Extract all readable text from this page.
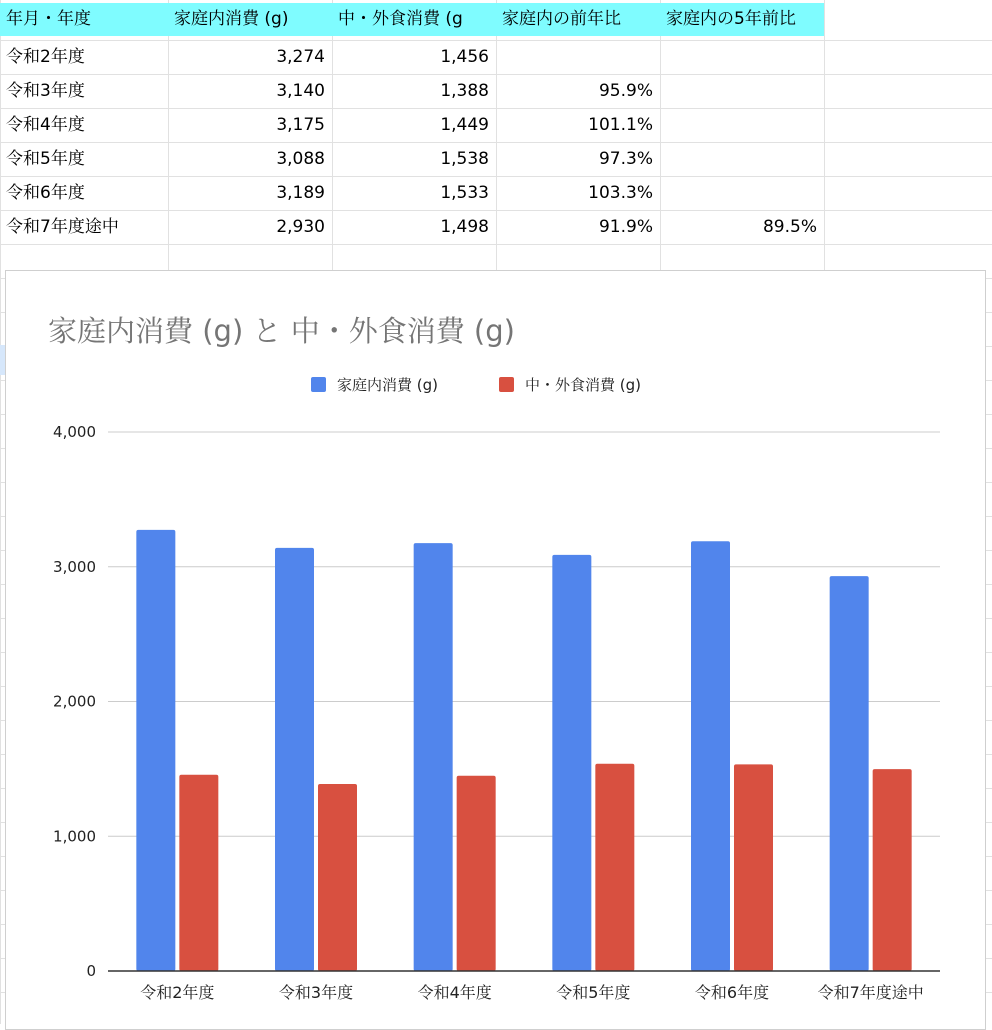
年月・年度	家庭内消費 (g)	中・外食消費 (g	家庭内の前年比	家庭内の5年前比
令和2年度	3,274	1,456
令和3年度	3,140	1,388	95.9%
令和4年度	3,175	1,449	101.1%
令和5年度	3,088	1,538	97.3%
令和6年度	3,189	1,533	103.3%
令和7年度途中	2,930	1,498	91.9%	89.5%
家庭内消費 (g) と 中・外食消費 (g)
家庭内消費 (g)	中・外食消費 (g)
0
1,000
2,000
3,000
4,000
令和2年度	令和3年度	令和4年度	令和5年度	令和6年度	令和7年度途中
